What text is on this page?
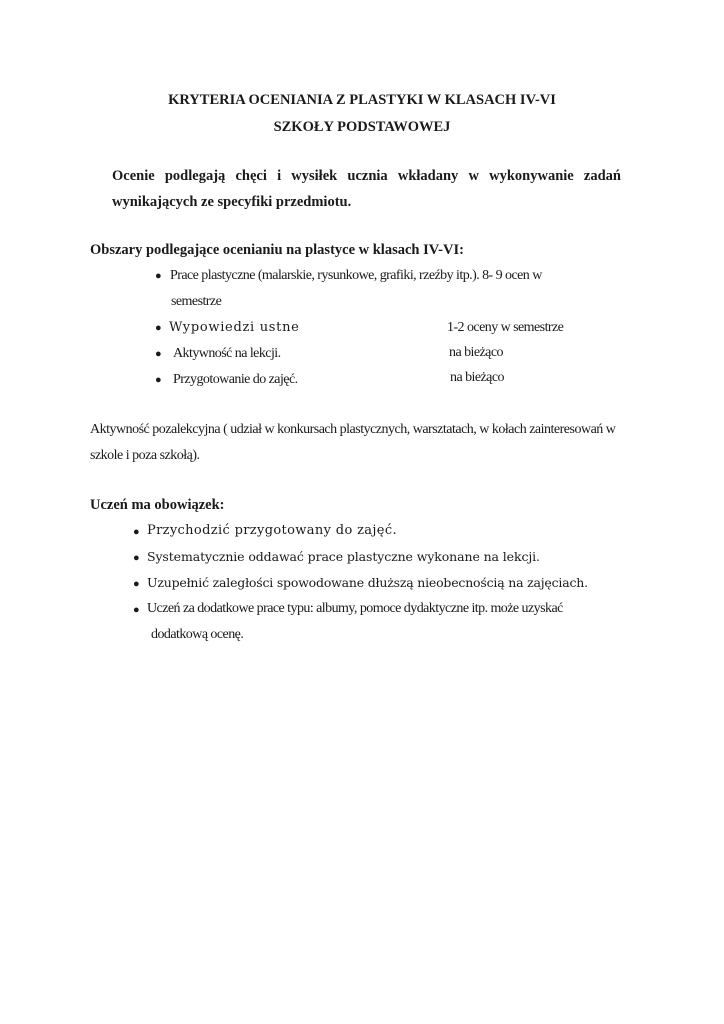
KRYTERIA OCENIANIA Z PLASTYKI W KLASACH IV-VI
SZKOŁY PODSTAWOWEJ
Ocenie podlegają chęci i wysiłek ucznia wkładany w wykonywanie zadań
wynikających ze specyfiki przedmiotu.
Obszary podlegające ocenianiu na plastyce w klasach IV-VI:
● Prace plastyczne (malarskie, rysunkowe, grafiki, rzeźby itp.). 8- 9 ocen w
semestrze
● Wypowiedzi ustne	1-2 oceny w semestrze
● Aktywność na lekcji.	na bieżąco
● Przygotowanie do zajęć.	na bieżąco
Aktywność pozalekcyjna ( udział w konkursach plastycznych, warsztatach, w kołach zainteresowań w
szkole i poza szkołą).
Uczeń ma obowiązek:
● Przychodzić przygotowany do zajęć.
● Systematycznie oddawać prace plastyczne wykonane na lekcji.
● Uzupełnić zaległości spowodowane dłuższą nieobecnością na zajęciach.
● Uczeń za dodatkowe prace typu: albumy, pomoce dydaktyczne itp. może uzyskać
dodatkową ocenę.
